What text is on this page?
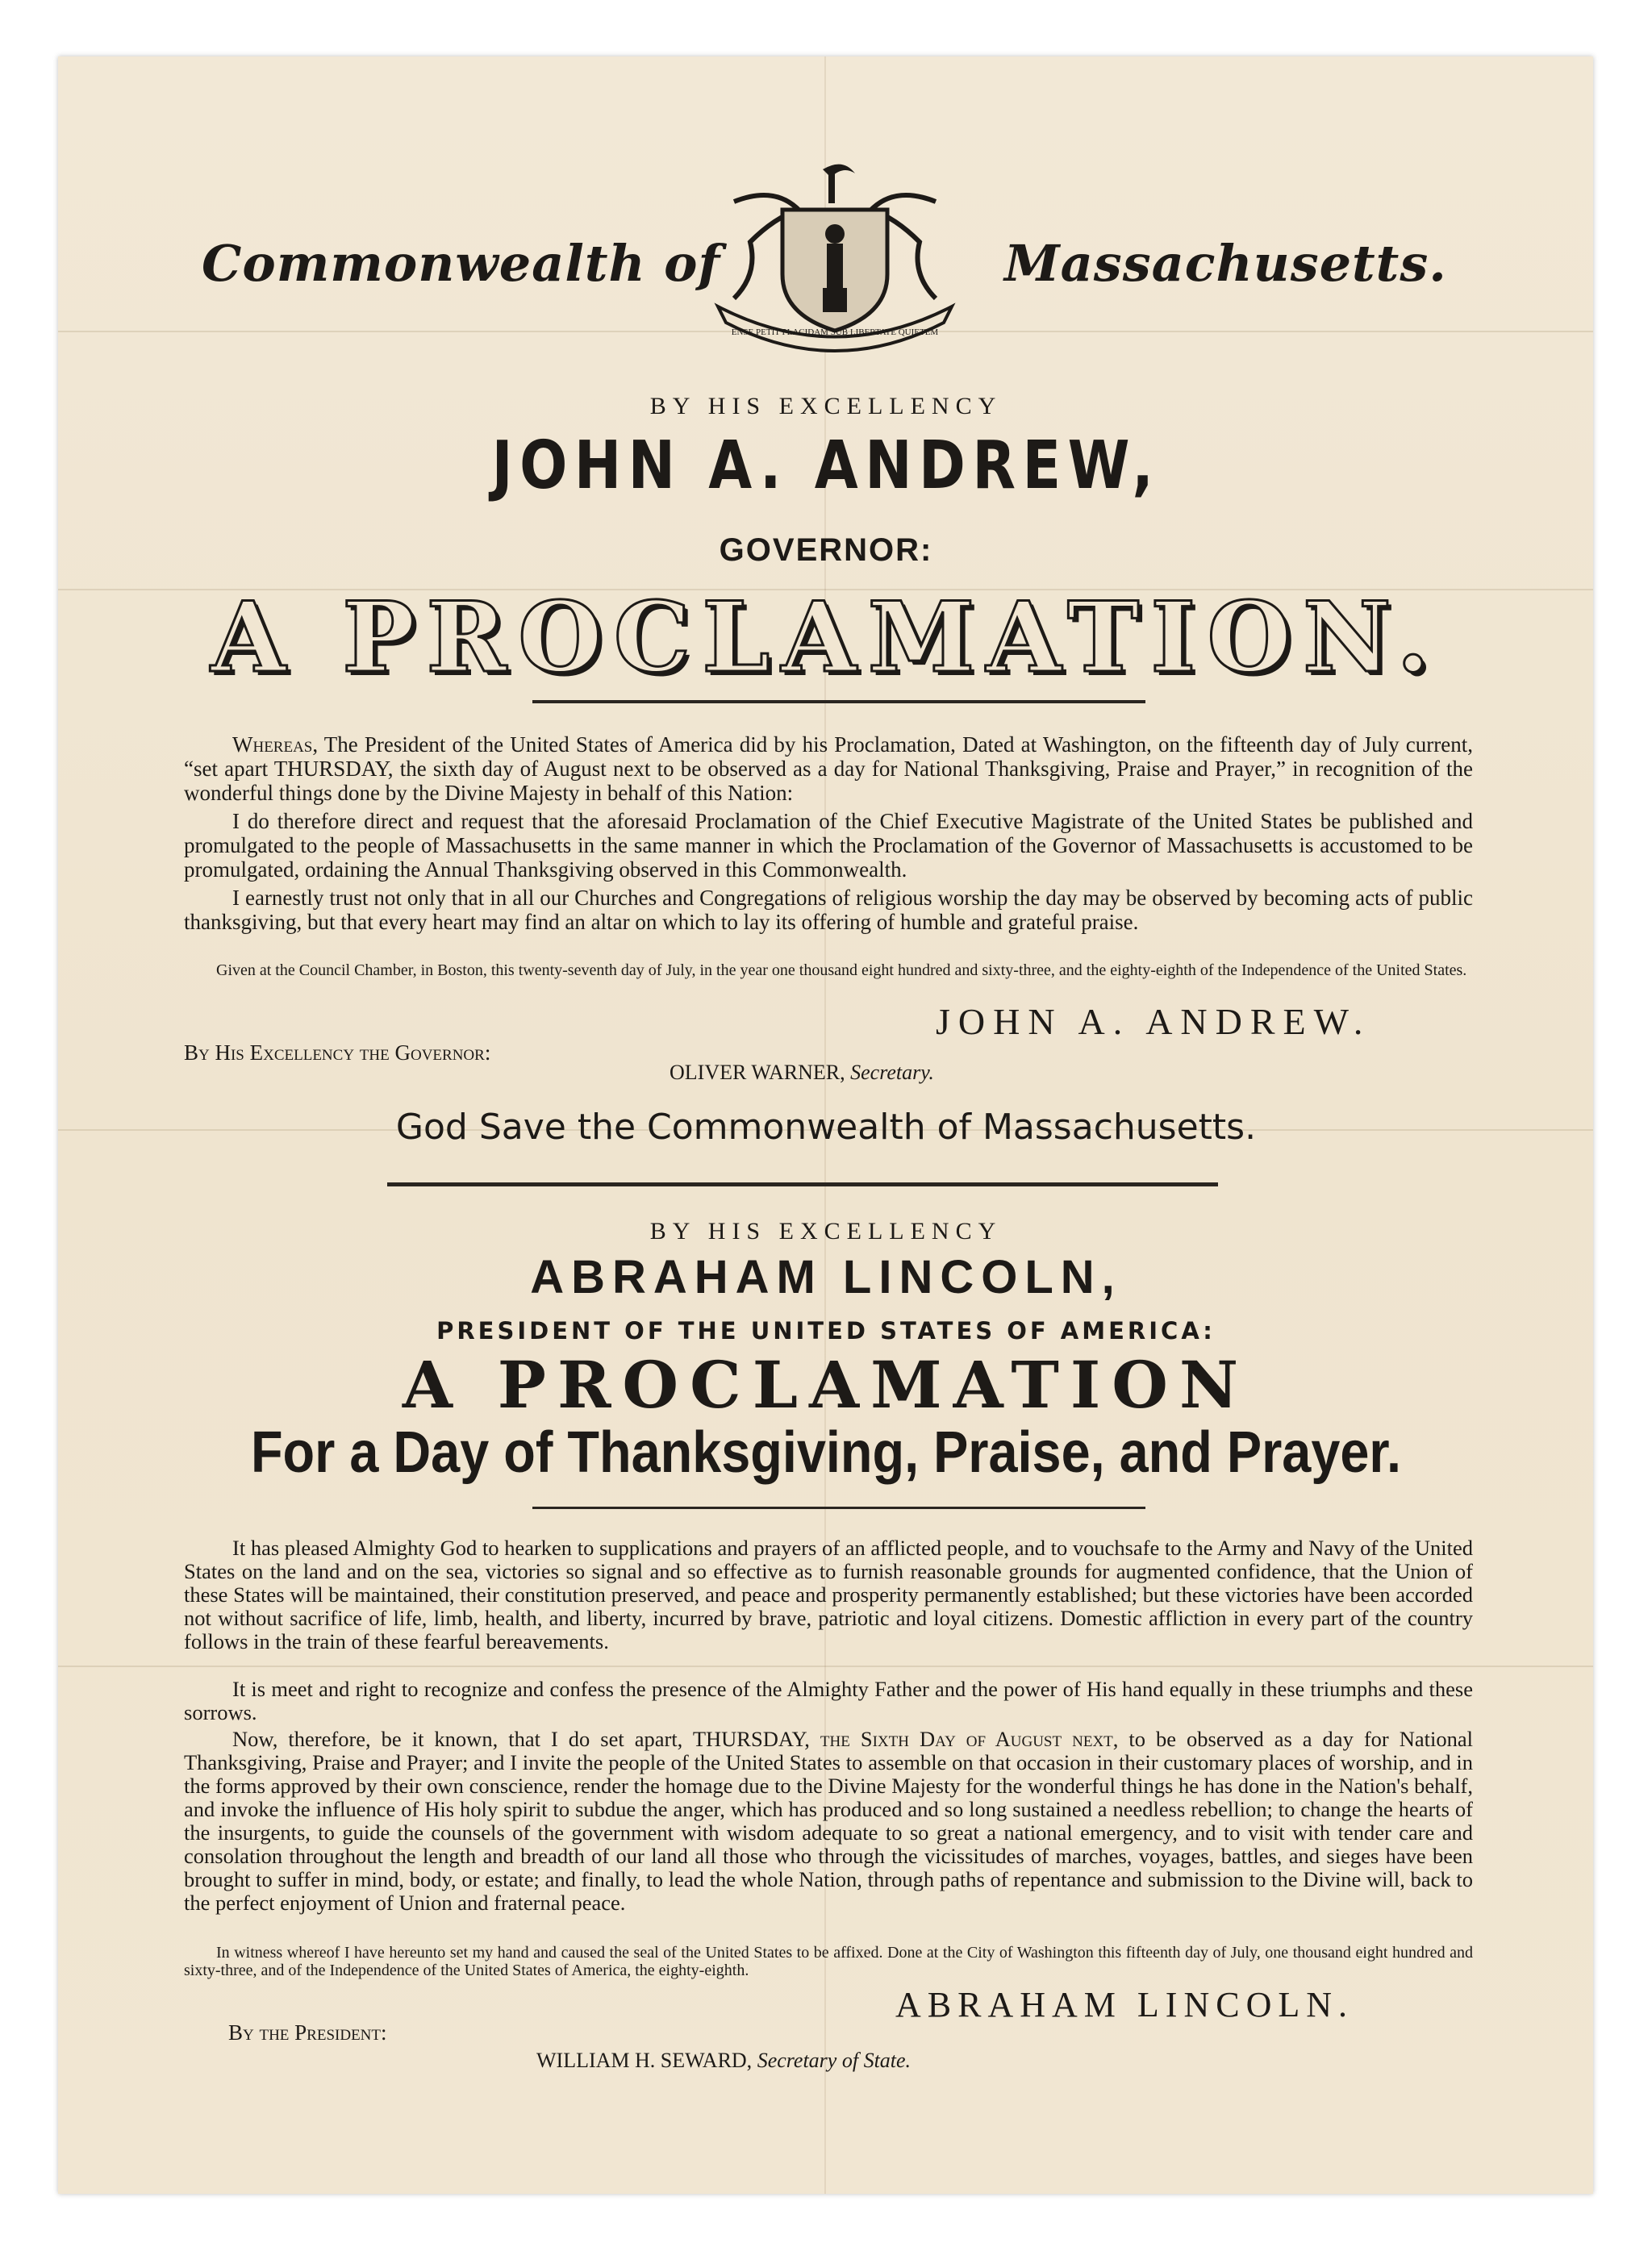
Commonwealth of	Massachusetts.
ENSE PETIT PLACIDAM SUB LIBERTATE QUIETEM
BY HIS EXCELLENCY
JOHN A. ANDREW,
GOVERNOR:
A PROCLAMATION.
Whereas, The President of the United States of America did by his Proclamation, Dated at Washington, on the fifteenth day of July current, “set apart THURSDAY, the sixth day of August next to be observed as a day for National Thanksgiving, Praise and Prayer,” in recognition of the wonderful things done by the Divine Majesty in behalf of this Nation:
I do therefore direct and request that the aforesaid Proclamation of the Chief Executive Magistrate of the United States be published and promulgated to the people of Massachusetts in the same manner in which the Proclamation of the Governor of Massachusetts is accustomed to be promulgated, ordaining the Annual Thanksgiving observed in this Commonwealth.
I earnestly trust not only that in all our Churches and Congregations of religious worship the day may be observed by becoming acts of public thanksgiving, but that every heart may find an altar on which to lay its offering of humble and grateful praise.
Given at the Council Chamber, in Boston, this twenty-seventh day of July, in the year one thousand eight hundred and sixty-three, and the eighty-eighth of the Independence of the United States.
JOHN A. ANDREW.
By His Excellency the Governor:
OLIVER WARNER, Secretary.
God Save the Commonwealth of Massachusetts.
BY HIS EXCELLENCY
ABRAHAM LINCOLN,
PRESIDENT OF THE UNITED STATES OF AMERICA:
A PROCLAMATION
For a Day of Thanksgiving, Praise, and Prayer.
It has pleased Almighty God to hearken to supplications and prayers of an afflicted people, and to vouchsafe to the Army and Navy of the United States on the land and on the sea, victories so signal and so effective as to furnish reasonable grounds for augmented confidence, that the Union of these States will be maintained, their constitution preserved, and peace and prosperity permanently established; but these victories have been accorded not without sacrifice of life, limb, health, and liberty, incurred by brave, patriotic and loyal citizens. Domestic affliction in every part of the country follows in the train of these fearful bereavements.
It is meet and right to recognize and confess the presence of the Almighty Father and the power of His hand equally in these triumphs and these sorrows.
Now, therefore, be it known, that I do set apart, THURSDAY, the Sixth Day of August next, to be observed as a day for National Thanksgiving, Praise and Prayer; and I invite the people of the United States to assemble on that occasion in their customary places of worship, and in the forms approved by their own conscience, render the homage due to the Divine Majesty for the wonderful things he has done in the Nation's behalf, and invoke the influence of His holy spirit to subdue the anger, which has produced and so long sustained a needless rebellion; to change the hearts of the insurgents, to guide the counsels of the government with wisdom adequate to so great a national emergency, and to visit with tender care and consolation throughout the length and breadth of our land all those who through the vicissitudes of marches, voyages, battles, and sieges have been brought to suffer in mind, body, or estate; and finally, to lead the whole Nation, through paths of repentance and submission to the Divine will, back to the perfect enjoyment of Union and fraternal peace.
In witness whereof I have hereunto set my hand and caused the seal of the United States to be affixed. Done at the City of Washington this fifteenth day of July, one thousand eight hundred and sixty-three, and of the Independence of the United States of America, the eighty-eighth.
ABRAHAM LINCOLN.
By the President:
WILLIAM H. SEWARD, Secretary of State.
